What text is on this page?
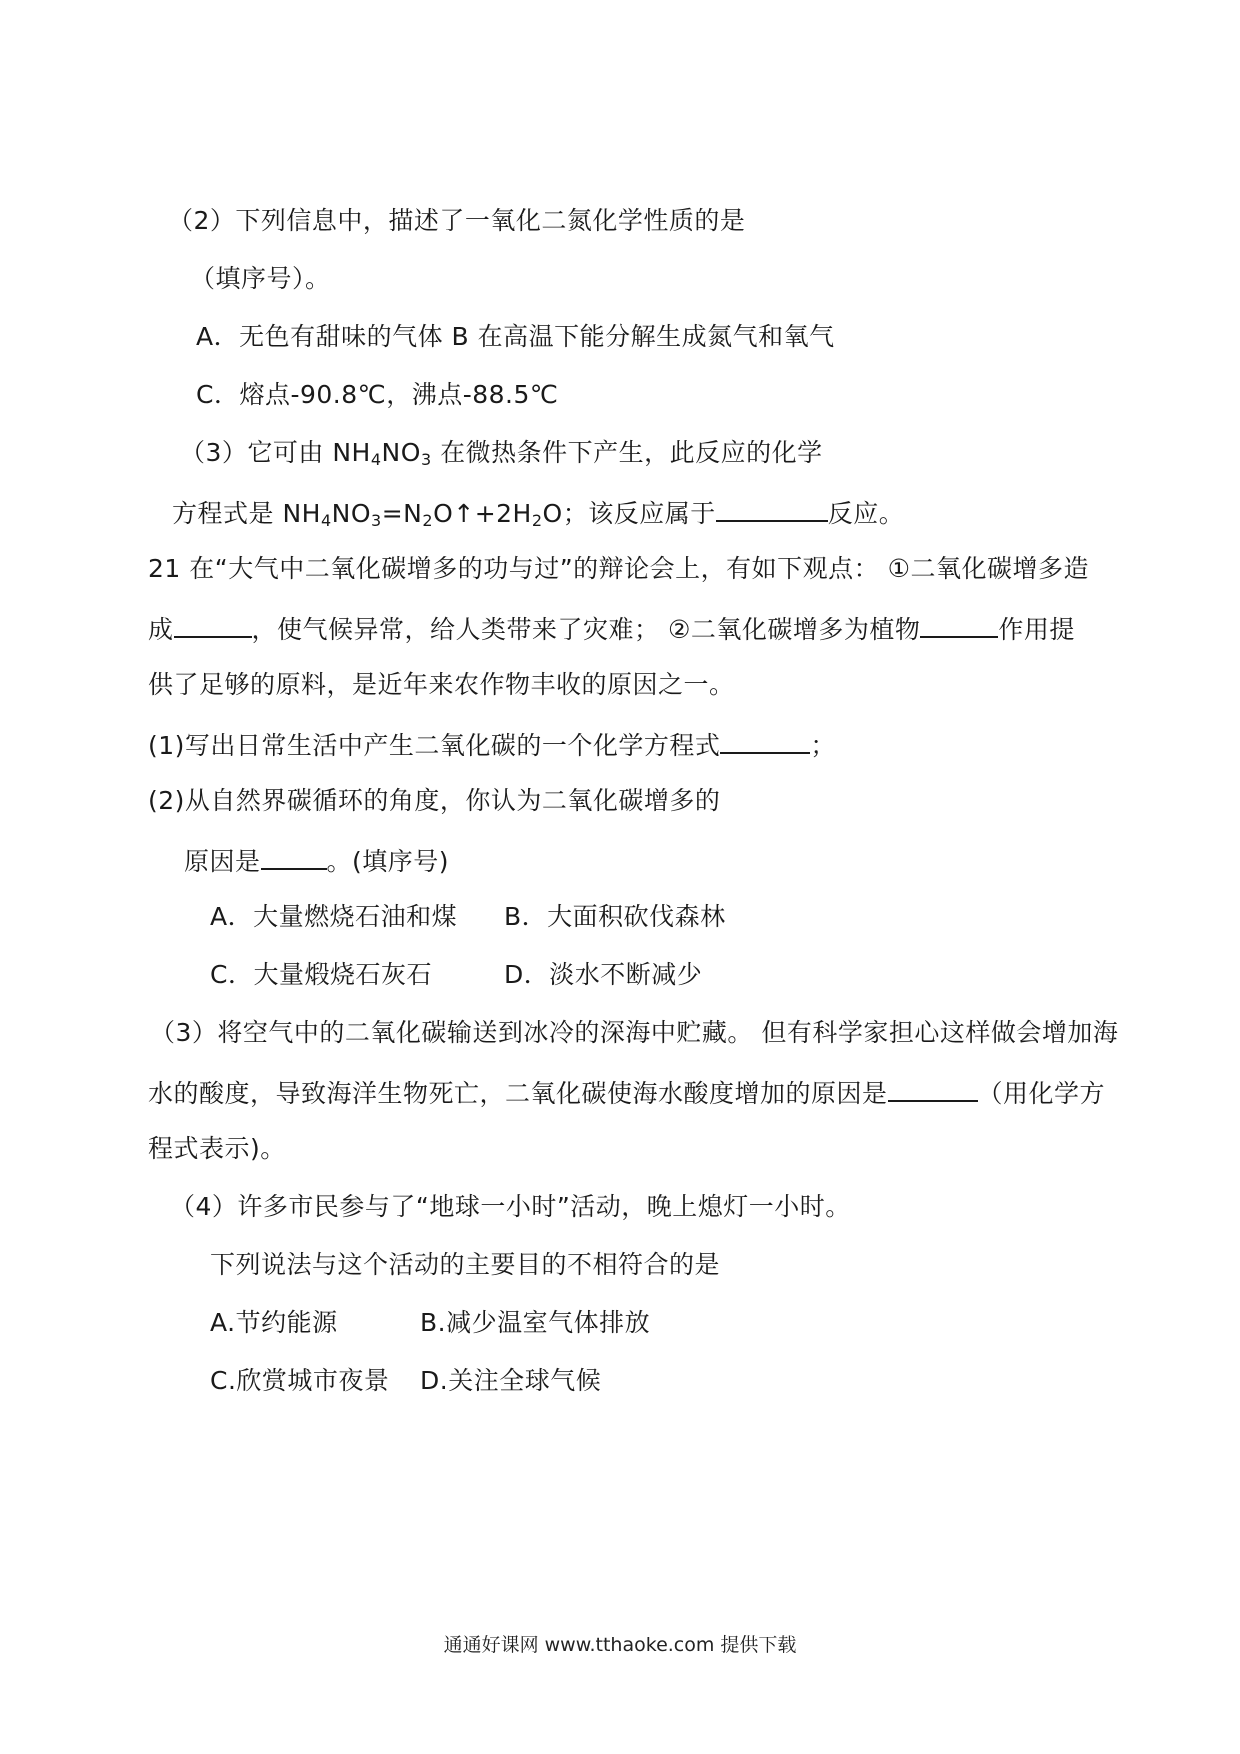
（2）下列信息中，描述了一氧化二氮化学性质的是
（填序号）。
A．无色有甜味的气体 B 在高温下能分解生成氮气和氧气
C．熔点-90.8℃，沸点-88.5℃
（3）它可由 $NH_4NO_3$ 在微热条件下产生，此反应的化学
方程式是 $NH_4NO_3=N_2O↑+2H_2O$；该反应属于	反应。
21 在“大气中二氧化碳增多的功与过”的辩论会上，有如下观点： ①二氧化碳增多造
成	，使气候异常，给人类带来了灾难； ②二氧化碳增多为植物	作用提
供了足够的原料，是近年来农作物丰收的原因之一。
(1)写出日常生活中产生二氧化碳的一个化学方程式	；
(2)从自然界碳循环的角度，你认为二氧化碳增多的
原因是	。(填序号)
A．大量燃烧石油和煤 B．大面积砍伐森林
C．大量煅烧石灰石	D．淡水不断减少
（3）将空气中的二氧化碳输送到冰冷的深海中贮藏。 但有科学家担心这样做会增加海
水的酸度，导致海洋生物死亡，二氧化碳使海水酸度增加的原因是	（用化学方
程式表示)。
（4）许多市民参与了“地球一小时”活动，晚上熄灯一小时。
下列说法与这个活动的主要目的不相符合的是
A.节约能源	B.减少温室气体排放
C.欣赏城市夜景 D.关注全球气候
通通好课网 www.tthaoke.com 提供下载
